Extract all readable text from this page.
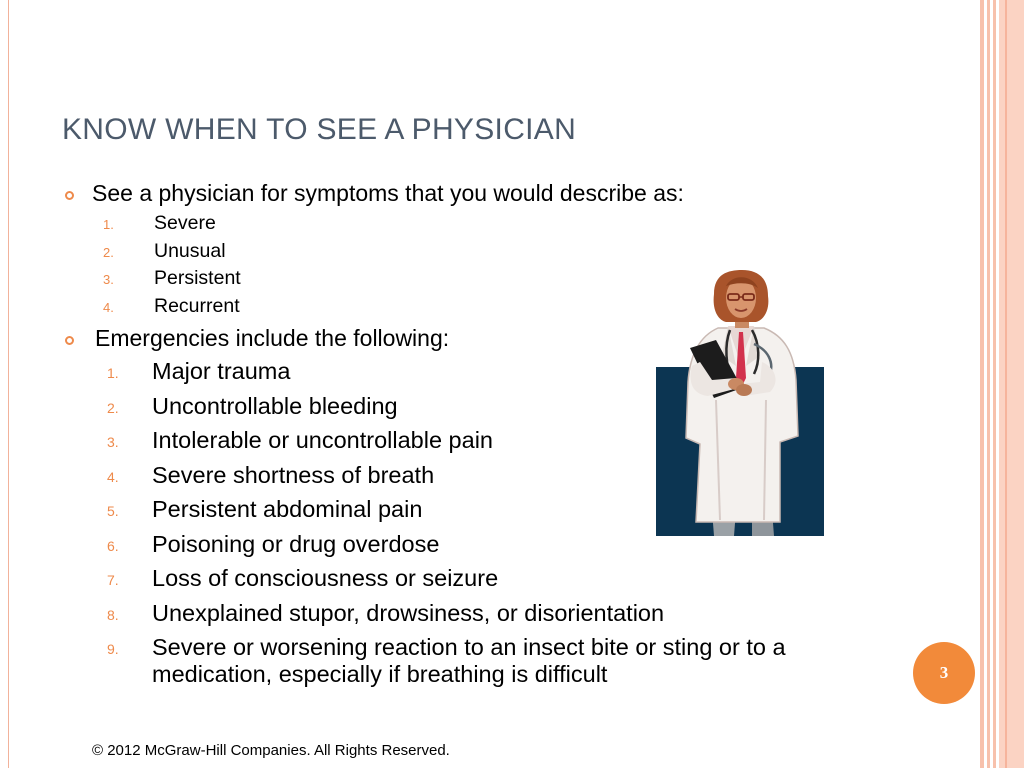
KNOW WHEN TO SEE A PHYSICIAN
See a physician for symptoms that you would describe as:
1. Severe
2. Unusual
3. Persistent
4. Recurrent
Emergencies include the following:
1. Major trauma
2. Uncontrollable bleeding
3. Intolerable or uncontrollable pain
4. Severe shortness of breath
5. Persistent abdominal pain
6. Poisoning or drug overdose
7. Loss of consciousness or seizure
8. Unexplained stupor, drowsiness, or disorientation
9. Severe or worsening reaction to an insect bite or sting or to a medication, especially if breathing is difficult	3
© 2012 McGraw-Hill Companies. All Rights Reserved.
